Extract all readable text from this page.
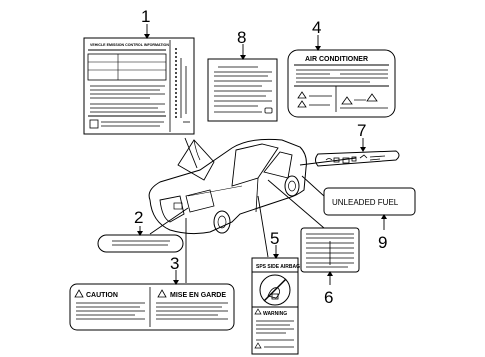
VEHICLE EMISSION CONTROL INFORMATION
AIR CONDITIONER
UNLEADED FUEL
CAUTION	MISE EN GARDE
SPS SIDE AIRBAG
WARNING
1
2
3
4
5
6
7
8
9
